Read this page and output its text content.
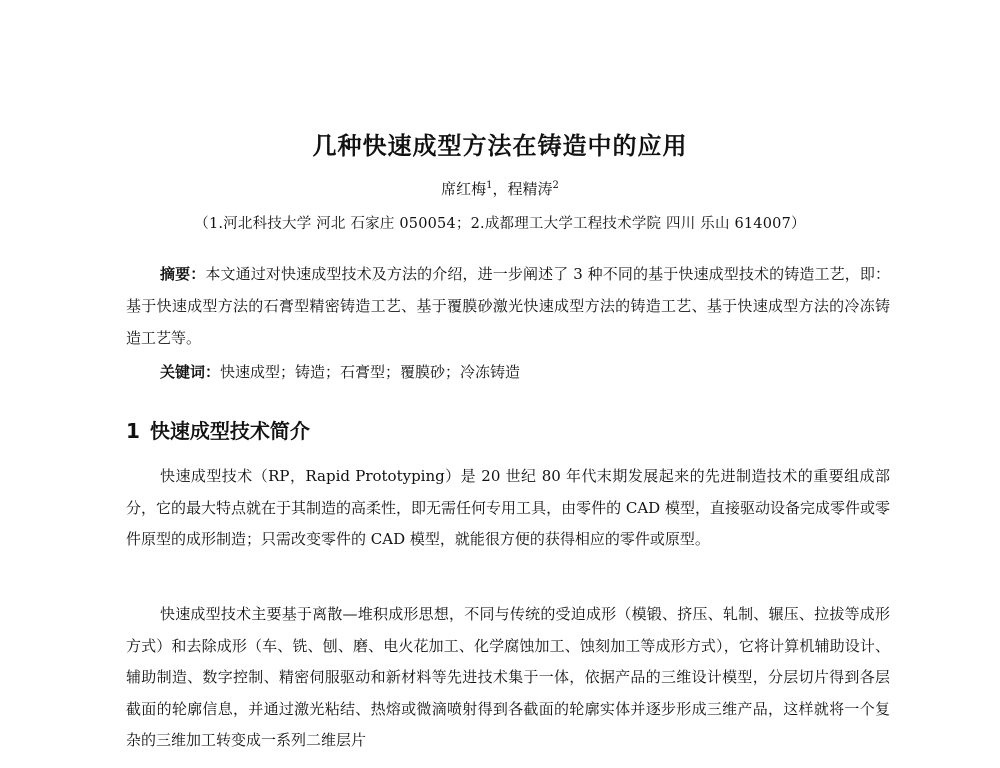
几种快速成型方法在铸造中的应用
席红梅$^1$，程精涛$^2$
（1.河北科技大学 河北 石家庄 050054；2.成都理工大学工程技术学院 四川 乐山 614007）
摘要：本文通过对快速成型技术及方法的介绍，进一步阐述了 3 种不同的基于快速成型技术的铸造工艺，即：基于快速成型方法的石膏型精密铸造工艺、基于覆膜砂激光快速成型方法的铸造工艺、基于快速成型方法的冷冻铸造工艺等。
关键词：快速成型；铸造；石膏型；覆膜砂；冷冻铸造
1 快速成型技术简介
快速成型技术（RP，Rapid Prototyping）是 20 世纪 80 年代末期发展起来的先进制造技术的重要组成部分，它的最大特点就在于其制造的高柔性，即无需任何专用工具，由零件的 CAD 模型，直接驱动设备完成零件或零件原型的成形制造；只需改变零件的 CAD 模型，就能很方便的获得相应的零件或原型。
快速成型技术主要基于离散—堆积成形思想，不同与传统的受迫成形（模锻、挤压、轧制、辗压、拉拔等成形方式）和去除成形（车、铣、刨、磨、电火花加工、化学腐蚀加工、蚀刻加工等成形方式），它将计算机辅助设计、辅助制造、数字控制、精密伺服驱动和新材料等先进技术集于一体，依据产品的三维设计模型，分层切片得到各层截面的轮廓信息，并通过激光粘结、热熔或微滴喷射得到各截面的轮廓实体并逐步形成三维产品，这样就将一个复杂的三维加工转变成一系列二维层片
